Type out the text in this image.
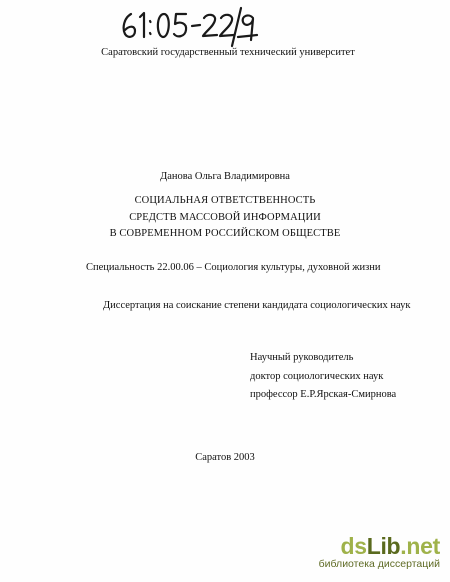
Саратовский государственный технический университет
Данова Ольга Владимировна
СОЦИАЛЬНАЯ ОТВЕТСТВЕННОСТЬ
СРЕДСТВ МАССОВОЙ ИНФОРМАЦИИ
В СОВРЕМЕННОМ РОССИЙСКОМ ОБЩЕСТВЕ
Специальность 22.00.06 – Социология культуры, духовной жизни
Диссертация на соискание степени кандидата социологических наук
Научный руководитель
доктор социологических наук
профессор Е.Р.Ярская-Смирнова
Саратов 2003
dsLib.net
библиотека диссертаций
